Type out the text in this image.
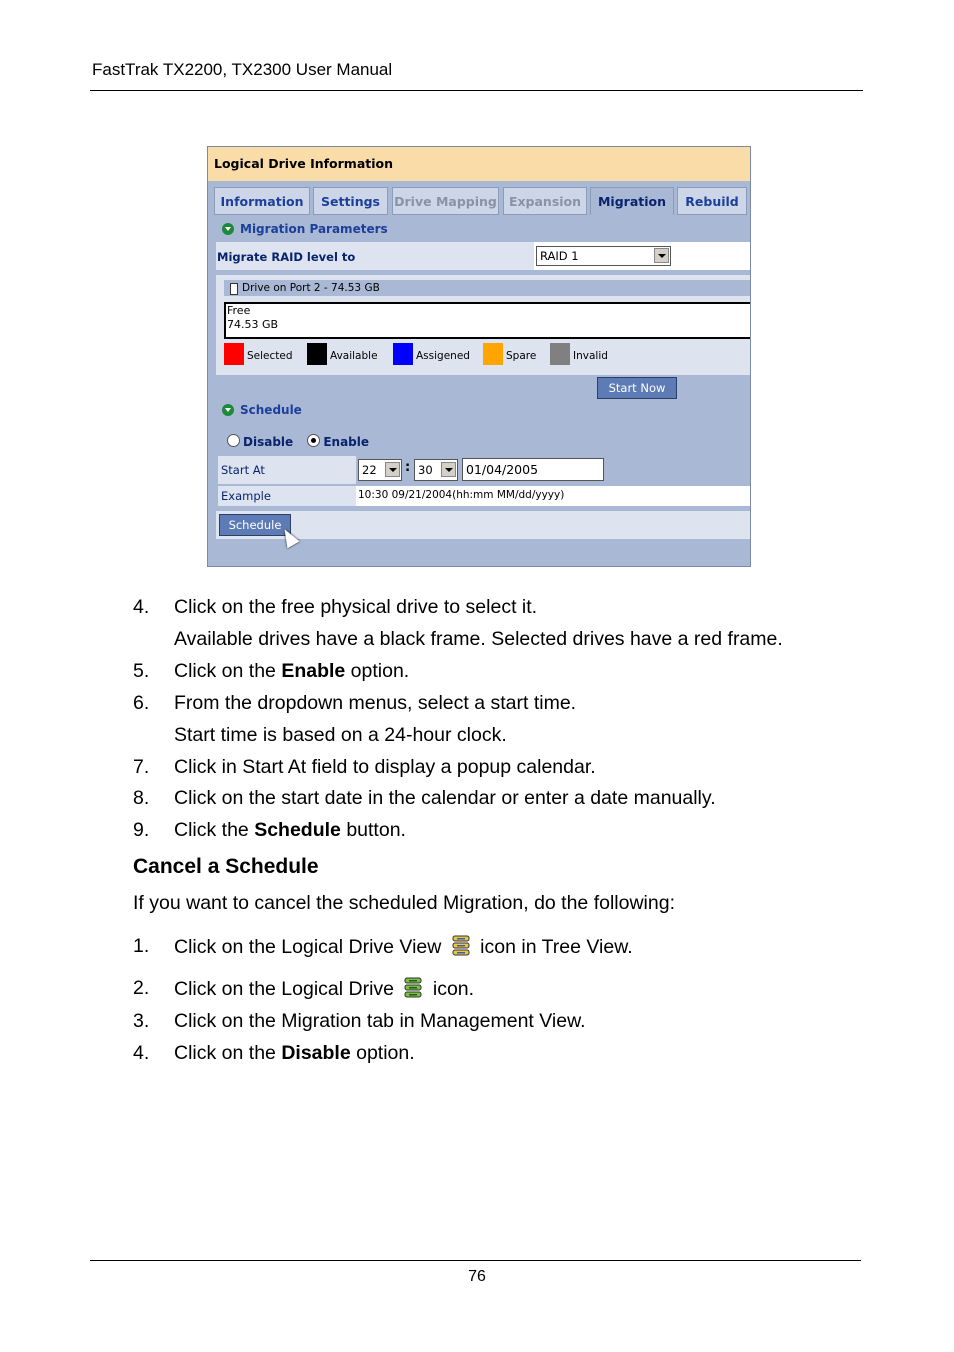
FastTrak TX2200, TX2300 User Manual
Logical Drive Information
Information	Settings	Drive Mapping Expansion	Migration	Rebuild
Migration Parameters
Migrate RAID level to	RAID 1
Drive on Port 2 - 74.53 GB
Free
74.53 GB
Selected	Available	Assigened	Spare	Invalid
Start Now
Schedule
Disable	Enable
Start At	22	: 30	01/04/2005
Example	10:30 09/21/2004(hh:mm MM/dd/yyyy)
Schedule
4. Click on the free physical drive to select it.
Available drives have a black frame. Selected drives have a red frame.
5. Click on the Enable option.
6. From the dropdown menus, select a start time.
Start time is based on a 24-hour clock.
7. Click in Start At field to display a popup calendar.
8. Click on the start date in the calendar or enter a date manually.
9. Click the Schedule button.
Cancel a Schedule
If you want to cancel the scheduled Migration, do the following:
1. Click on the Logical Drive View  icon in Tree View.
2. Click on the Logical Drive  icon.
3. Click on the Migration tab in Management View.
4. Click on the Disable option.
76
